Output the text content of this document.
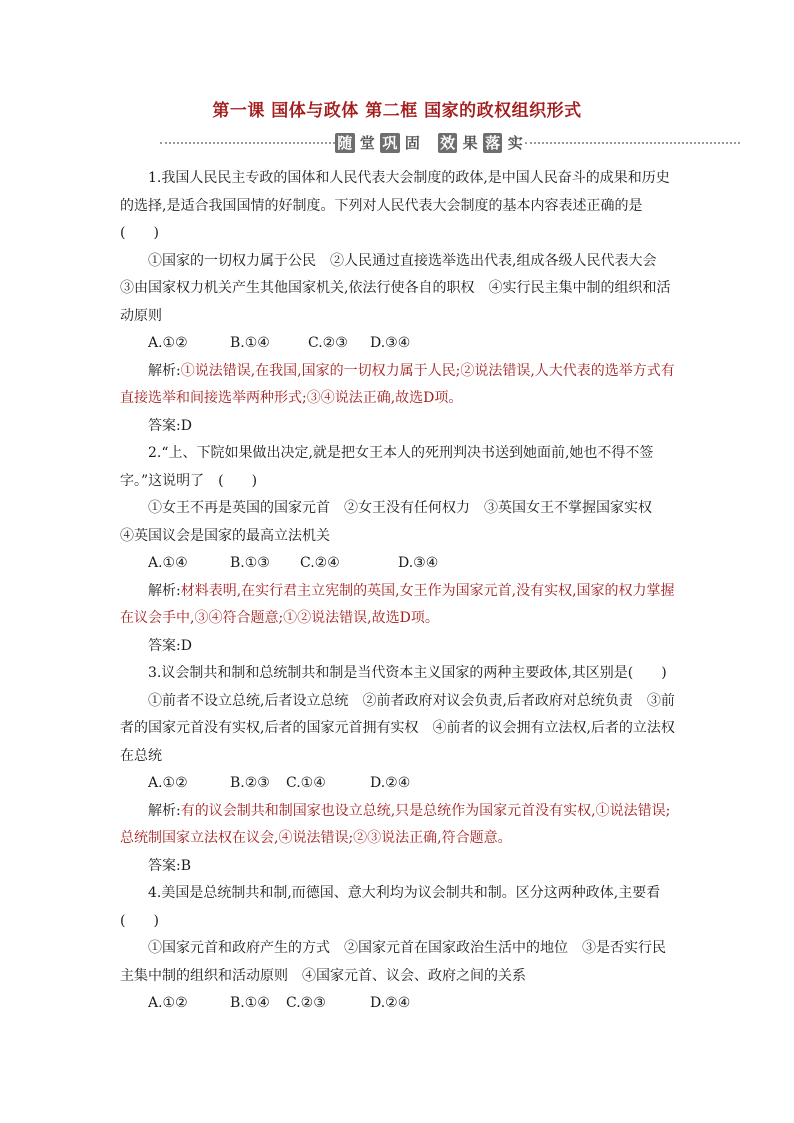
第一课 国体与政体 第二框 国家的政权组织形式
随 堂 巩 固 效 果 落 实

1.我国人民民主专政的国体和人民代表大会制度的政体,是中国人民奋斗的成果和历史的选择,是适合我国国情的好制度。下列对人民代表大会制度的基本内容表述正确的是(　　)

①国家的一切权力属于公民　②人民通过直接选举选出代表,组成各级人民代表大会

③由国家权力机关产生其他国家机关,依法行使各自的职权　④实行民主集中制的组织和活动原则

A.①②	B.①④	C.②③ D.③④

解析:①说法错误,在我国,国家的一切权力属于人民;②说法错误,人大代表的选举方式有直接选举和间接选举两种形式;③④说法正确,故选D项。

答案:D

2.“上、下院如果做出决定,就是把女王本人的死刑判决书送到她面前,她也不得不签字。”这说明了　(　　)

①女王不再是英国的国家元首　②女王没有任何权力　③英国女王不掌握国家实权

④英国议会是国家的最高立法机关

A.①④	B.①③ C.②④	D.③④

解析:材料表明,在实行君主立宪制的英国,女王作为国家元首,没有实权,国家的权力掌握在议会手中,③④符合题意;①②说法错误,故选D项。

答案:D

3.议会制共和制和总统制共和制是当代资本主义国家的两种主要政体,其区别是(　　)

①前者不设立总统,后者设立总统　②前者政府对议会负责,后者政府对总统负责　③前者的国家元首没有实权,后者的国家元首拥有实权　④前者的议会拥有立法权,后者的立法权在总统

A.①②	B.②③ C.①④	D.②④

解析:有的议会制共和制国家也设立总统,只是总统作为国家元首没有实权,①说法错误;总统制国家立法权在议会,④说法错误;②③说法正确,符合题意。

答案:B

4.美国是总统制共和制,而德国、意大利均为议会制共和制。区分这两种政体,主要看(　　)

①国家元首和政府产生的方式　②国家元首在国家政治生活中的地位　③是否实行民主集中制的组织和活动原则　④国家元首、议会、政府之间的关系

A.①②	B.①④ C.②③	D.②④
